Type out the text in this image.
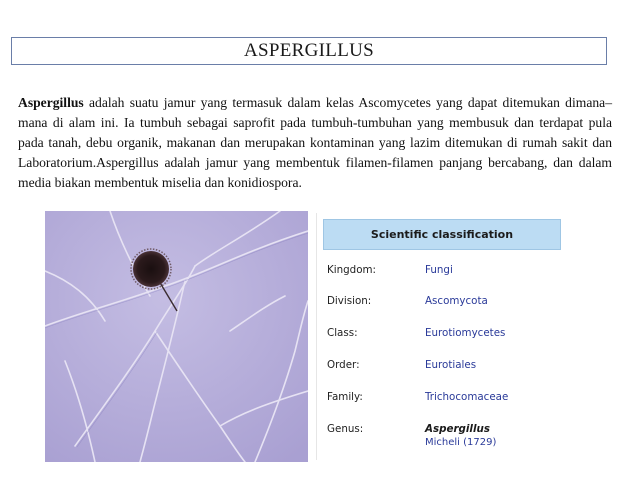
ASPERGILLUS
Aspergillus adalah suatu jamur yang termasuk dalam kelas Ascomycetes yang dapat ditemukan dimana–mana di alam ini. Ia tumbuh sebagai saprofit pada tumbuh-tumbuhan yang membusuk dan terdapat pula pada tanah, debu organik, makanan dan merupakan kontaminan yang lazim ditemukan di rumah sakit dan Laboratorium.Aspergillus adalah jamur yang membentuk filamen-filamen panjang bercabang, dan dalam media biakan membentuk miselia dan konidiospora.
Scientific classification
Kingdom:	Fungi
Division:	Ascomycota
Class:	Eurotiomycetes
Order:	Eurotiales
Family:	Trichocomaceae
Genus:	Aspergillus
Micheli (1729)
